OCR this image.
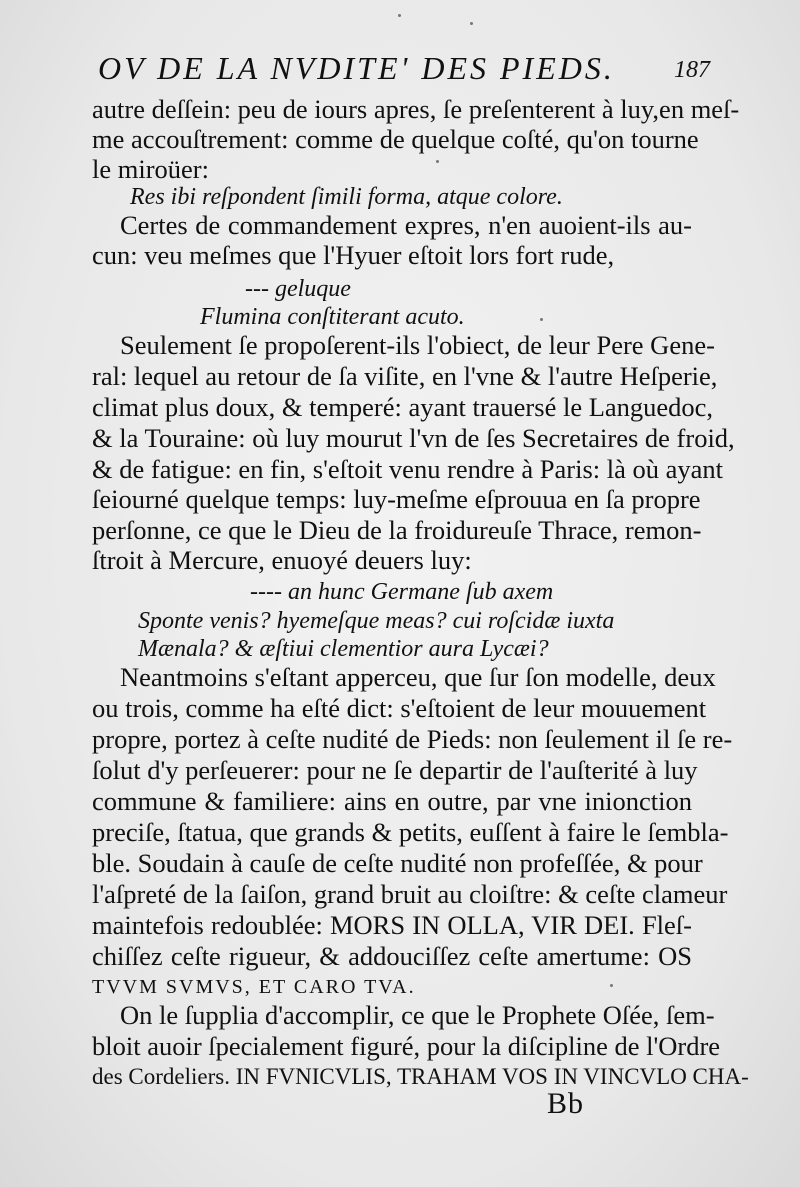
OV DE LA NVDITE' DES PIEDS. 187
autre deſſein: peu de iours apres, ſe preſenterent à luy,en meſ-
me accouſtrement: comme de quelque coſté, qu'on tourne
le miroüer:
Res ibi reſpondent ſimili forma, atque colore.
Certes de commandement expres, n'en auoient-ils au-
cun: veu meſmes que l'Hyuer eſtoit lors fort rude,
--- geluque
Flumina conſtiterant acuto.
Seulement ſe propoſerent-ils l'obiect, de leur Pere Gene-
ral: lequel au retour de ſa viſite, en l'vne & l'autre Heſperie,
climat plus doux, & temperé: ayant trauersé le Languedoc,
& la Touraine: où luy mourut l'vn de ſes Secretaires de froid,
& de fatigue: en fin, s'eſtoit venu rendre à Paris: là où ayant
ſeiourné quelque temps: luy-meſme eſprouua en ſa propre
perſonne, ce que le Dieu de la froidureuſe Thrace, remon-
ſtroit à Mercure, enuoyé deuers luy:
---- an hunc Germane ſub axem
Sponte venis? hyemeſque meas? cui roſcidæ iuxta
Mænala? & æſtiui clementior aura Lycæi?
Neantmoins s'eſtant apperceu, que ſur ſon modelle, deux
ou trois, comme ha eſté dict: s'eſtoient de leur mouuement
propre, portez à ceſte nudité de Pieds: non ſeulement il ſe re-
ſolut d'y perſeuerer: pour ne ſe departir de l'auſterité à luy
commune & familiere: ains en outre, par vne inionction
preciſe, ſtatua, que grands & petits, euſſent à faire le ſembla-
ble. Soudain à cauſe de ceſte nudité non profeſſée, & pour
l'aſpreté de la ſaiſon, grand bruit au cloiſtre: & ceſte clameur
maintefois redoublée: MORS IN OLLA, VIR DEI. Fleſ-
chiſſez ceſte rigueur, & addouciſſez ceſte amertume: OS
TVVM SVMVS, ET CARO TVA.
On le ſupplia d'accomplir, ce que le Prophete Oſée, ſem-
bloit auoir ſpecialement figuré, pour la diſcipline de l'Ordre
des Cordeliers. IN FVNICVLIS, TRAHAM VOS IN VINCVLO CHA-
Bb
